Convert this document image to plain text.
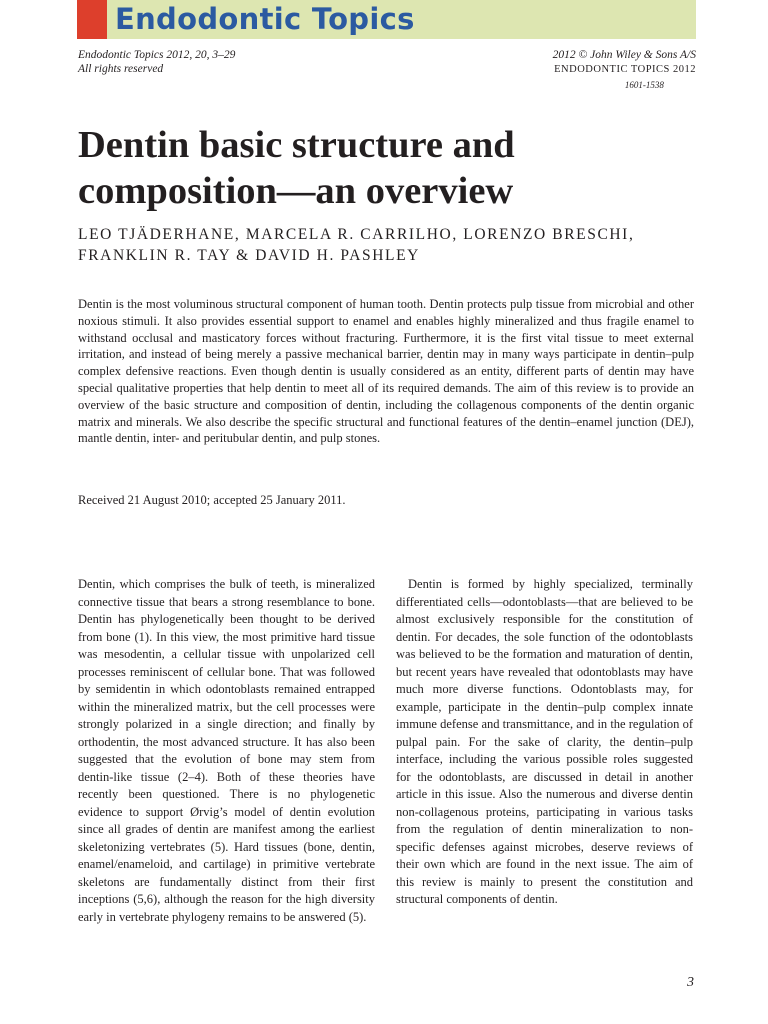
Endodontic Topics
Endodontic Topics 2012, 20, 3–29
All rights reserved
2012 © John Wiley & Sons A/S
ENDODONTIC TOPICS 2012
1601-1538
Dentin basic structure and composition—an overview
LEO TJÄDERHANE, MARCELA R. CARRILHO, LORENZO BRESCHI,
FRANKLIN R. TAY & DAVID H. PASHLEY

Dentin is the most voluminous structural component of human tooth. Dentin protects pulp tissue from microbial and other noxious stimuli. It also provides essential support to enamel and enables highly mineralized and thus fragile enamel to withstand occlusal and masticatory forces without fracturing. Furthermore, it is the first vital tissue to meet external irritation, and instead of being merely a passive mechanical barrier, dentin may in many ways participate in dentin–pulp complex defensive reactions. Even though dentin is usually considered as an entity, different parts of dentin may have special qualitative properties that help dentin to meet all of its required demands. The aim of this review is to provide an overview of the basic structure and composition of dentin, including the collagenous components of the dentin organic matrix and minerals. We also describe the specific structural and functional features of the dentin–enamel junction (DEJ), mantle dentin, inter- and peritubular dentin, and pulp stones.

Received 21 August 2010; accepted 25 January 2011.

Dentin, which comprises the bulk of teeth, is mineralized connective tissue that bears a strong resemblance to bone. Dentin has phylogenetically been thought to be derived from bone (1). In this view, the most primitive hard tissue was mesodentin, a cellular tissue with unpolarized cell processes reminiscent of cellular bone. That was followed by semidentin in which odontoblasts remained entrapped within the mineralized matrix, but the cell processes were strongly polarized in a single direction; and finally by orthodentin, the most advanced structure. It has also been suggested that the evolution of bone may stem from dentin-like tissue (2–4). Both of these theories have recently been questioned. There is no phylogenetic evidence to support Ørvig’s model of dentin evolution since all grades of dentin are manifest among the earliest skeletonizing vertebrates (5). Hard tissues (bone, dentin, enamel/enameloid, and cartilage) in primitive vertebrate skeletons are fundamentally distinct from their first inceptions (5,6), although the reason for the high diversity early in vertebrate phylogeny remains to be answered (5).

Dentin is formed by highly specialized, terminally differentiated cells—odontoblasts—that are believed to be almost exclusively responsible for the constitution of dentin. For decades, the sole function of the odontoblasts was believed to be the formation and maturation of dentin, but recent years have revealed that odontoblasts may have much more diverse functions. Odontoblasts may, for example, participate in the dentin–pulp complex innate immune defense and transmittance, and in the regulation of pulpal pain. For the sake of clarity, the dentin–pulp interface, including the various possible roles suggested for the odontoblasts, are discussed in detail in another article in this issue. Also the numerous and diverse dentin non-collagenous proteins, participating in various tasks from the regulation of dentin mineralization to non-specific defenses against microbes, deserve reviews of their own which are found in the next issue. The aim of this review is mainly to present the constitution and structural components of dentin.

3
